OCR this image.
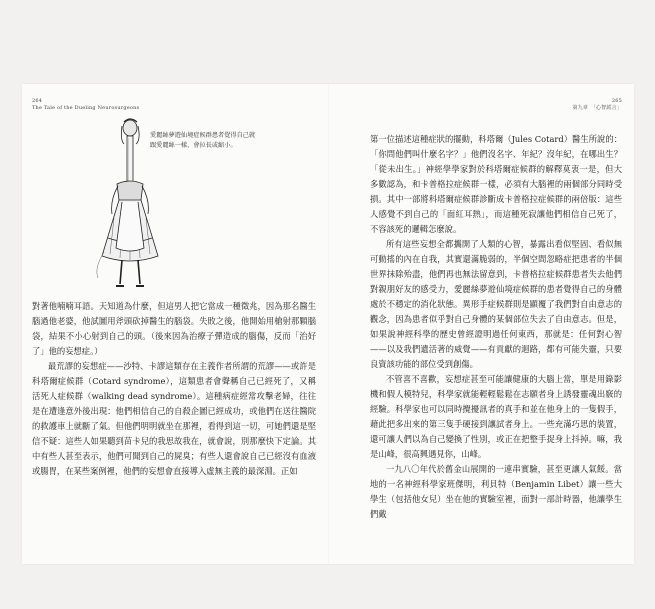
264
The Tale of the Dueling Neurosurgeons
愛麗絲夢遊仙境症候群患者覺得自己就跟愛麗絲一樣，會拉長或縮小。

對著他喃喃耳語。天知道為什麼，但這男人把它當成一種徵兆，因為那名醫生腦過他老婆，他試圖用斧頭砍掉醫生的腦袋。失敗之後，他開始用槍射那顆腦袋，結果不小心射到自己的頭。（後來因為治療子彈造成的腦傷，反而「治好了」他的妄想症。）

最荒謬的妄想症——沙特、卡謬這類存在主義作者所謂的荒謬——或許是科塔爾症候群（Cotard syndrome），這類患者會聲稱自己已經死了，又稱活死人症候群（walking dead syndrome）。這種病症經常攻擊老婦，往往是在遭逢意外後出現：他們相信自己的自殺企圖已經成功，或他們在送往醫院的救護車上就斷了氣。但他們明明就坐在那裡，看得到這一切，可她們還是堅信不疑：這些人如果聽到苗卡兒的我思故我在，就會說，別那麼快下定論。其中有些人甚至表示，他們可聞到自己的屍臭；有些人還會說自己已經沒有血液或腸胃，在某些案例裡，他們的妄想會直接導入虛無主義的最深淵。正如

265
第九章　「心智謊言」

第一位描述這種症狀的擺動，科塔爾（Jules Cotard）醫生所說的：「你問他們叫什麼名字？」他們沒名字、年紀？沒年紀，在哪出生？「從未出生。」神經學學家對於科塔爾症候群的解釋莫衷一是，但大多數認為，和卡普格拉症候群一樣，必須有大腦裡的兩個部分同時受損。其中一部將科塔爾症候群診斷成卡普格拉症候群的兩倍版：這些人感覺不到自己的「面紅耳熱」，而這種死寂讓他們相信自己死了，不容該死的邏輯怎麼說。

所有這些妄想全都攜開了人類的心智，暴露出看似堅固、看似無可動搖的內在自我，其實還滿脆弱的，半個空間忽略症把患者的半個世界抹除殆盡，他們再也無法留意到，卡普格拉症候群患者失去他們對親朋好友的感受力，愛麗絲夢遊仙境症候群的患者覺得自己的身體處於不穩定的消化狀態。異形手症候群則是顯覆了我們對自由意志的觀念，因為患者似乎對自己身體的某個部位失去了自由意志。但是，如果說神經科學的歷史曾經證明過任何東西，那就是：任何對心智——以及我們遺活著的威覺——有貢獻的迴路，都有可能失靈，只要良資該功能的部位受到創傷。

不管喜不喜歡，妄想症甚至可能讓健康的大腦上當，單是用錄影機和假人模特兒，科學家就能輕輕鬆鬆在志願者身上誘發靈魂出竅的經驗。科學家也可以同時攪擾訊者的真手和並在他身上的一隻假手，藉此把多出來的第三隻手硬接到讓試者身上。一些充滿巧思的裝置，還可讓人們以為自己變換了性別，或正在把整手捉身上抖掉。嘛，我是山峰，很高興遇見你，山峰。

一九八〇年代於舊金山展開的一連串實驗，甚至更讓人氣餒。當地的一名神經科學家班傑明，利貝特（Benjamin Libet）讓一些大學生（包括他女兒）坐在他的實驗室裡，面對一部計時器，他讓學生們戴
